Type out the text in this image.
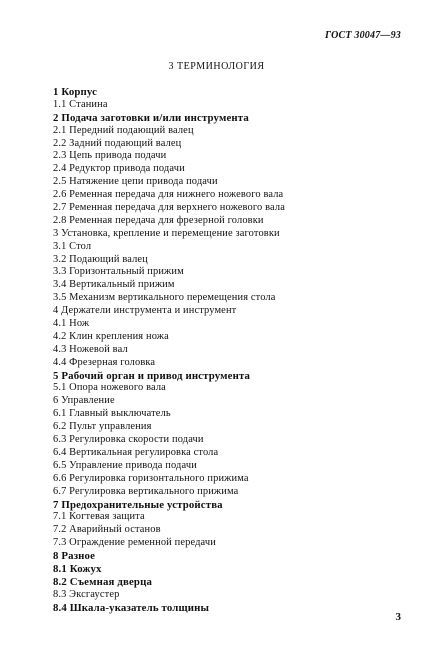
ГОСТ 30047—93
3 ТЕРМИНОЛОГИЯ
1 Корпус
1.1 Станина
2 Подача заготовки и/или инструмента
2.1 Передний подающий валец
2.2 Задний подающий валец
2.3 Цепь привода подачи
2.4 Редуктор привода подачи
2.5 Натяжение цепи привода подачи
2.6 Ременная передача для нижнего ножевого вала
2.7 Ременная передача для верхнего ножевого вала
2.8 Ременная передача для фрезерной головки
3 Установка, крепление и перемещение заготовки
3.1 Стол
3.2 Подающий валец
3.3 Горизонтальный прижим
3.4 Вертикальный прижим
3.5 Механизм вертикального перемещения стола
4 Держатели инструмента и инструмент
4.1 Нож
4.2 Клин крепления ножа
4.3 Ножевой вал
4.4 Фрезерная головка
5 Рабочий орган и привод инструмента
5.1 Опора ножевого вала
6 Управление
6.1 Главный выключатель
6.2 Пульт управления
6.3 Регулировка скорости подачи
6.4 Вертикальная регулировка стола
6.5 Управление привода подачи
6.6 Регулировка горизонтального прижима
6.7 Регулировка вертикального прижима
7 Предохранительные устройства
7.1 Когтевая защита
7.2 Аварийный останов
7.3 Ограждение ременной передачи
8 Разное
8.1 Кожух
8.2 Съемная дверца
8.3 Эксгаустер
8.4 Шкала-указатель толщины
3
